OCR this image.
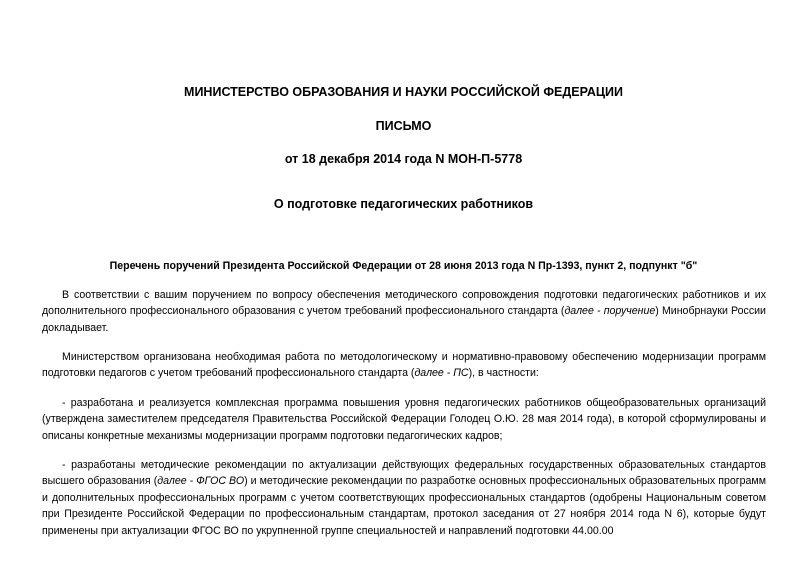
МИНИСТЕРСТВО ОБРАЗОВАНИЯ И НАУКИ РОССИЙСКОЙ ФЕДЕРАЦИИ
ПИСЬМО
от 18 декабря 2014 года N МОН-П-5778
О подготовке педагогических работников
Перечень поручений Президента Российской Федерации от 28 июня 2013 года N Пр-1393, пункт 2, подпункт "б"
В соответствии с вашим поручением по вопросу обеспечения методического сопровождения подготовки педагогических работников и их дополнительного профессионального образования с учетом требований профессионального стандарта (далее - поручение) Минобрнауки России докладывает.
Министерством организована необходимая работа по методологическому и нормативно-правовому обеспечению модернизации программ подготовки педагогов с учетом требований профессионального стандарта (далее - ПС), в частности:
- разработана и реализуется комплексная программа повышения уровня педагогических работников общеобразовательных организаций (утверждена заместителем председателя Правительства Российской Федерации Голодец О.Ю. 28 мая 2014 года), в которой сформулированы и описаны конкретные механизмы модернизации программ подготовки педагогических кадров;
- разработаны методические рекомендации по актуализации действующих федеральных государственных образовательных стандартов высшего образования (далее - ФГОС ВО) и методические рекомендации по разработке основных профессиональных образовательных программ и дополнительных профессиональных программ с учетом соответствующих профессиональных стандартов (одобрены Национальным советом при Президенте Российской Федерации по профессиональным стандартам, протокол заседания от 27 ноября 2014 года N 6), которые будут применены при актуализации ФГОС ВО по укрупненной группе специальностей и направлений подготовки 44.00.00
